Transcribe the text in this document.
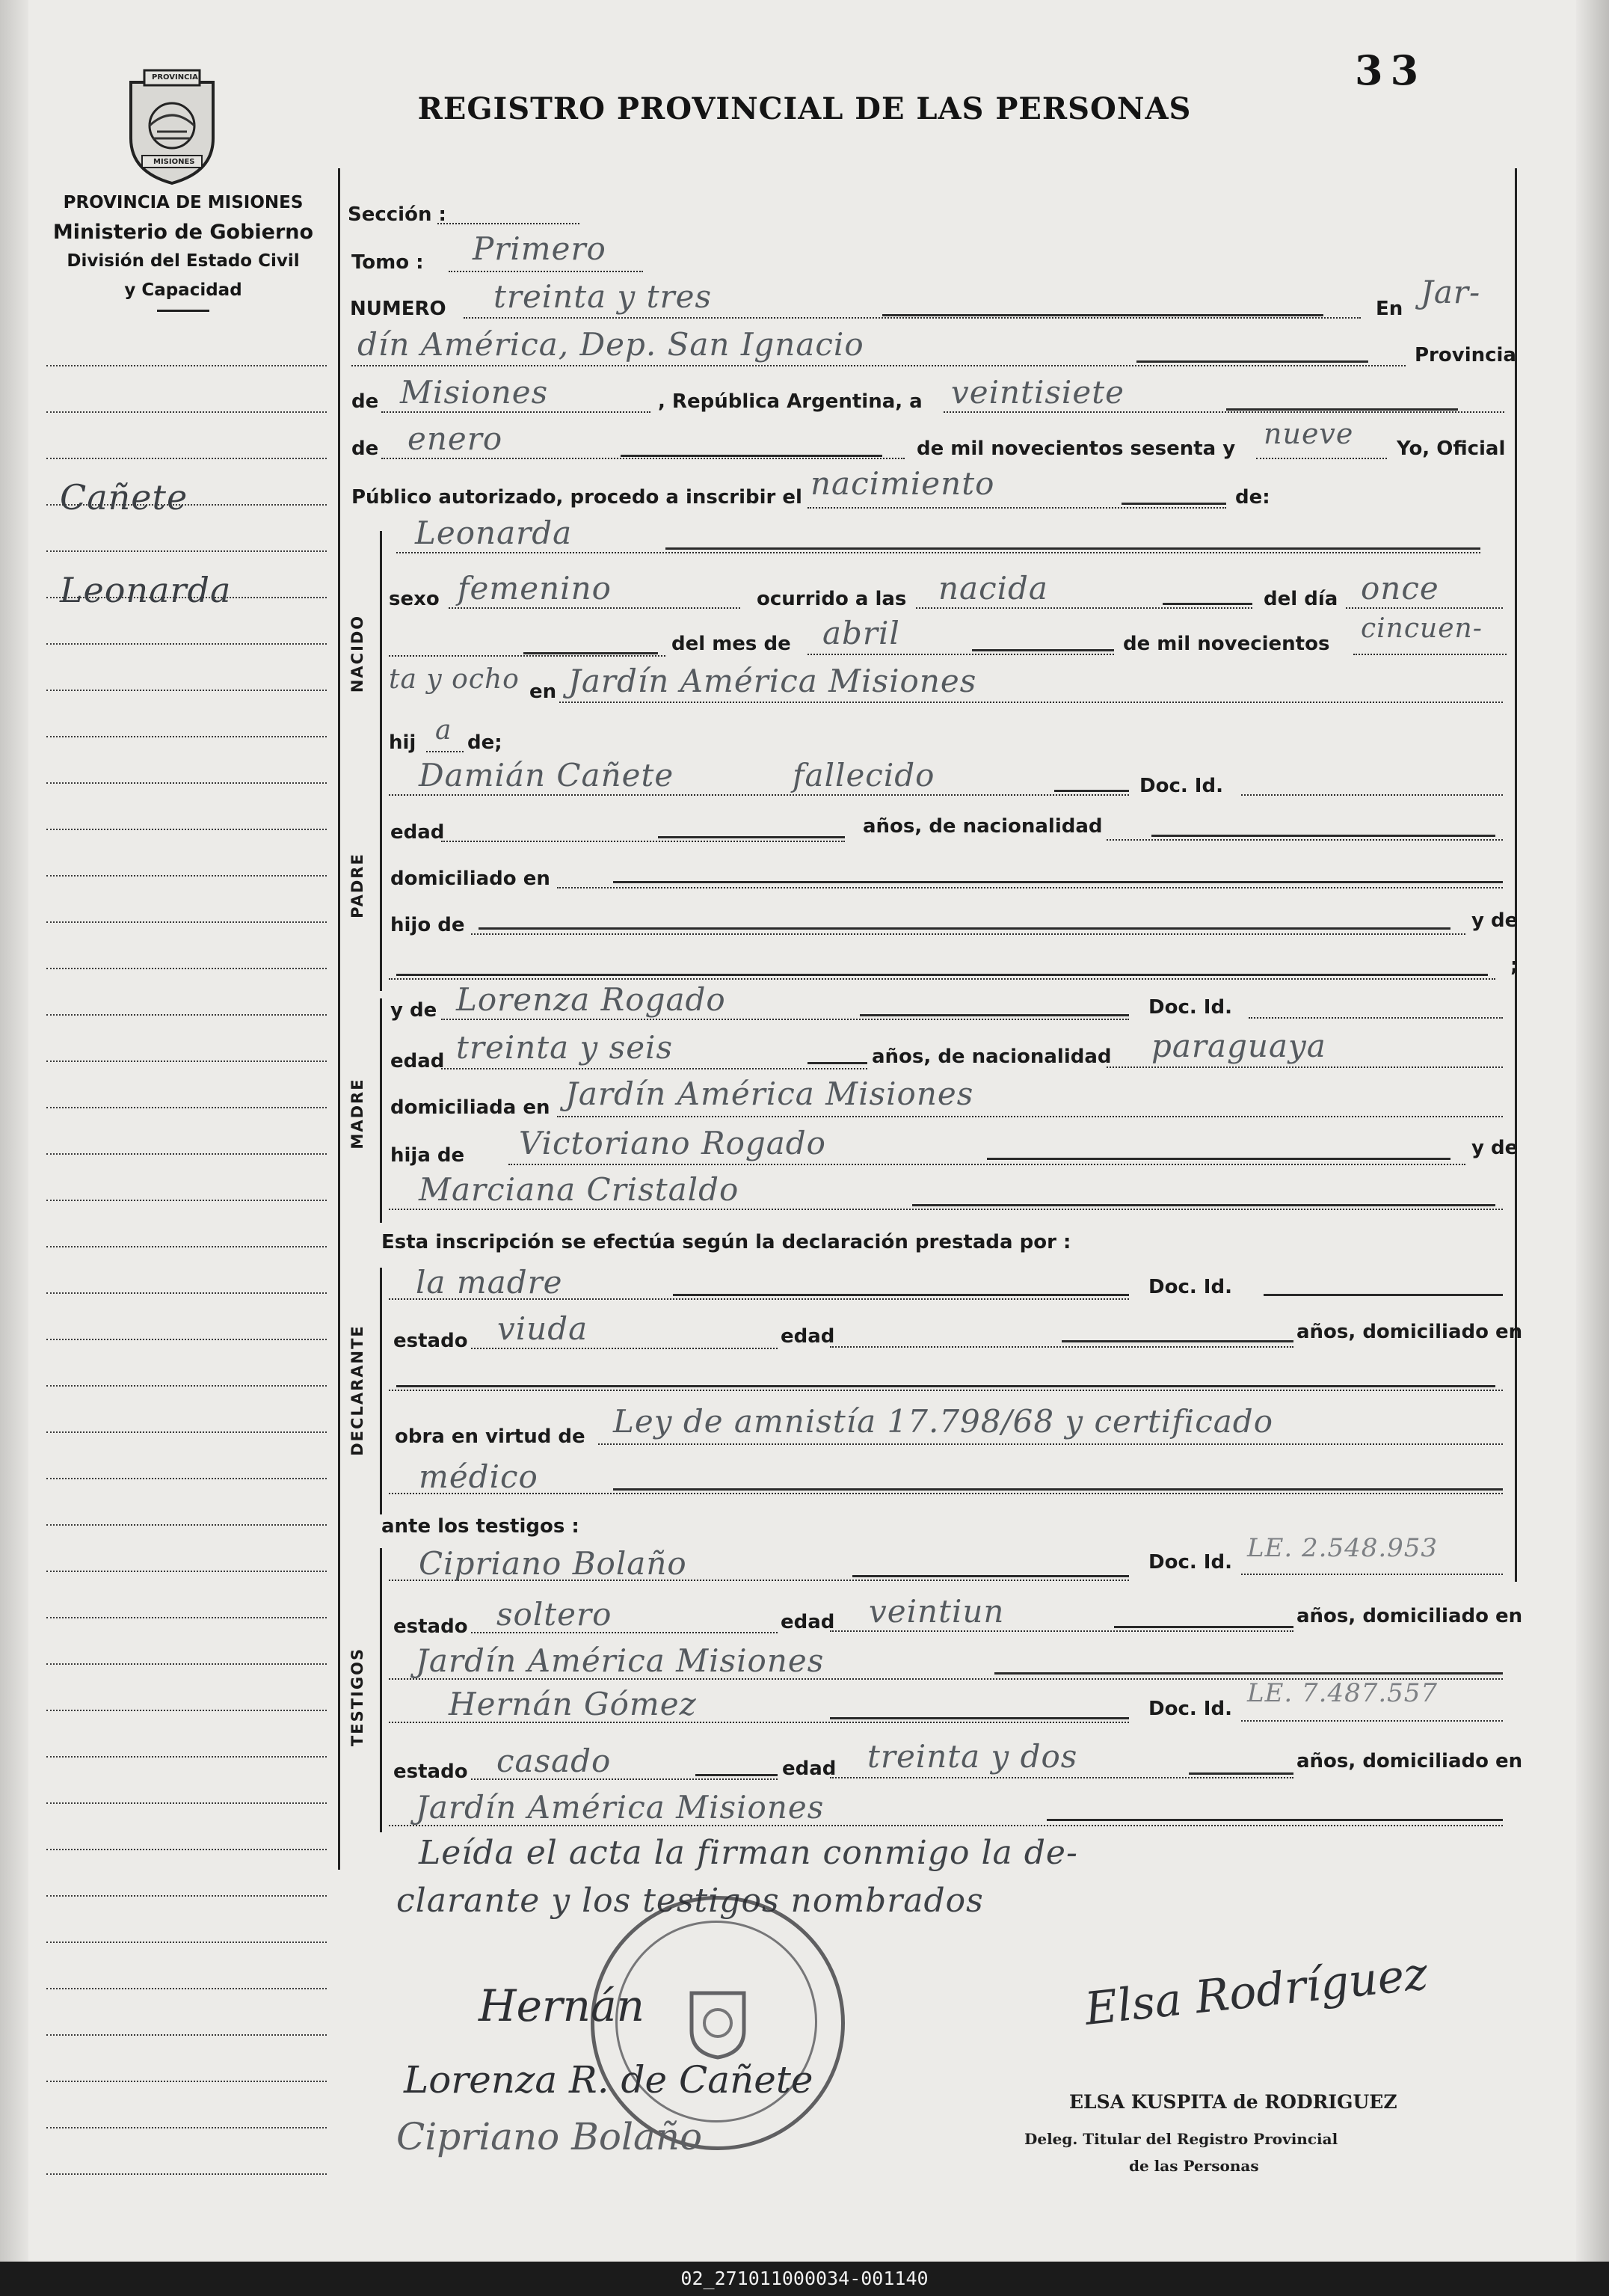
PROVINCIA
MISIONES
REGISTRO PROVINCIAL DE LAS PERSONAS
33
PROVINCIA DE MISIONES
Ministerio de Gobierno
División del Estado Civil
y Capacidad
Cañete
Leonarda
NACIDO
PADRE
MADRE
DECLARANTE
TESTIGOS
Sección :
Tomo : Primero
NUMERO treinta y tres	En Jar-
dín América, Dep. San Ignacio	Provincia
de Misiones	, República Argentina, a veintisiete
de enero	de mil novecientos sesenta y nueve Yo, Oficial
Público autorizado, procedo a inscribir el nacimiento	de:
Leonarda
sexo femenino	ocurrido a las nacida	del día once
del mes de abril	de mil novecientos cincuen-
ta y ocho en Jardín América Misiones
hij a de;
Damián Cañete	fallecido	Doc. Id.
edad	años, de nacionalidad
domiciliado en
hijo de	y de
;
y de Lorenza Rogado	Doc. Id.
edad treinta y seis	años, de nacionalidad paraguaya
domiciliada en Jardín América Misiones
hija de Victoriano Rogado	y de
Marciana Cristaldo
Esta inscripción se efectúa según la declaración prestada por :
la madre	Doc. Id.
estado viuda	edad	años, domiciliado en
obra en virtud de Ley de amnistía 17.798/68 y certificado
médico
ante los testigos :
Cipriano Bolaño	Doc. Id. LE. 2.548.953
estado soltero	edad veintiun	años, domiciliado en
Jardín América Misiones
Hernán Gómez	Doc. Id.
LE. 7.487.557
estado casado	edad treinta y dos	años, domiciliado en
Jardín América Misiones
Leída el acta la firman conmigo la de-
clarante y los testigos nombrados
Hernán
Lorenza R. de Cañete
Cipriano Bolaño
Elsa Rodríguez
ELSA KUSPITA de RODRIGUEZ
Deleg. Titular del Registro Provincial
de las Personas
02_271011000034-001140
